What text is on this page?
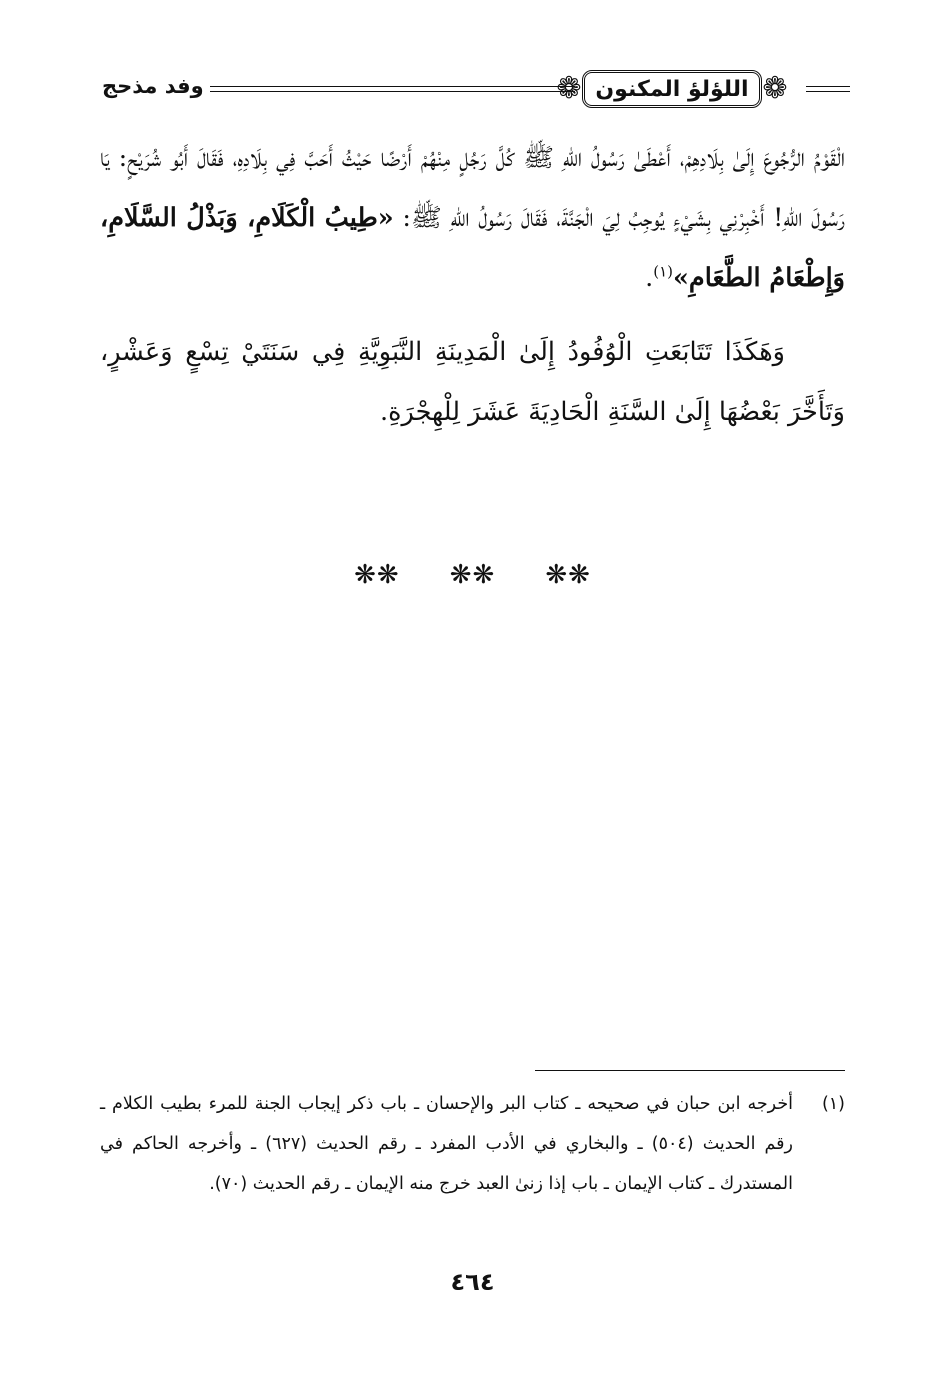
❁
اللؤلؤ المكنون
❁
وفد مذحج

الْقَوْمُ الرُّجُوعَ إِلَىٰ بِلَادِهِمْ، أَعْطَىٰ رَسُولُ اللهِ ﷺ كُلَّ رَجُلٍ مِنْهُمْ أَرْضًا حَيْثُ أَحَبَّ فِي بِلَادِهِ، فَقَالَ أَبُو شُرَيْحٍ: يَا رَسُولَ اللهِ! أَخْبِرْنِي بِشَيْءٍ يُوجِبُ لِيَ الْجَنَّةَ، فَقَالَ رَسُولُ اللهِ ﷺ: «طِيبُ الْكَلَامِ، وَبَذْلُ السَّلَامِ، وَإِطْعَامُ الطَّعَامِ»$^{(١)}$.

وَهَكَذَا تَتَابَعَتِ الْوُفُودُ إِلَىٰ الْمَدِينَةِ النَّبَوِيَّةِ فِي سَنَتَيْ تِسْعٍ وَعَشْرٍ، وَتَأَخَّرَ بَعْضُهَا إِلَىٰ السَّنَةِ الْحَادِيَةَ عَشَرَ لِلْهِجْرَةِ.

❋❋ ❋❋ ❋❋
(١)
أخرجه ابن حبان في صحيحه ـ كتاب البر والإحسان ـ باب ذكر إيجاب الجنة للمرء بطيب الكلام ـ رقم الحديث (٥٠٤) ـ والبخاري في الأدب المفرد ـ رقم الحديث (٦٢٧) ـ وأخرجه الحاكم في المستدرك ـ كتاب الإيمان ـ باب إذا زنىٰ العبد خرج منه الإيمان ـ رقم الحديث (٧٠).
٤٦٤
